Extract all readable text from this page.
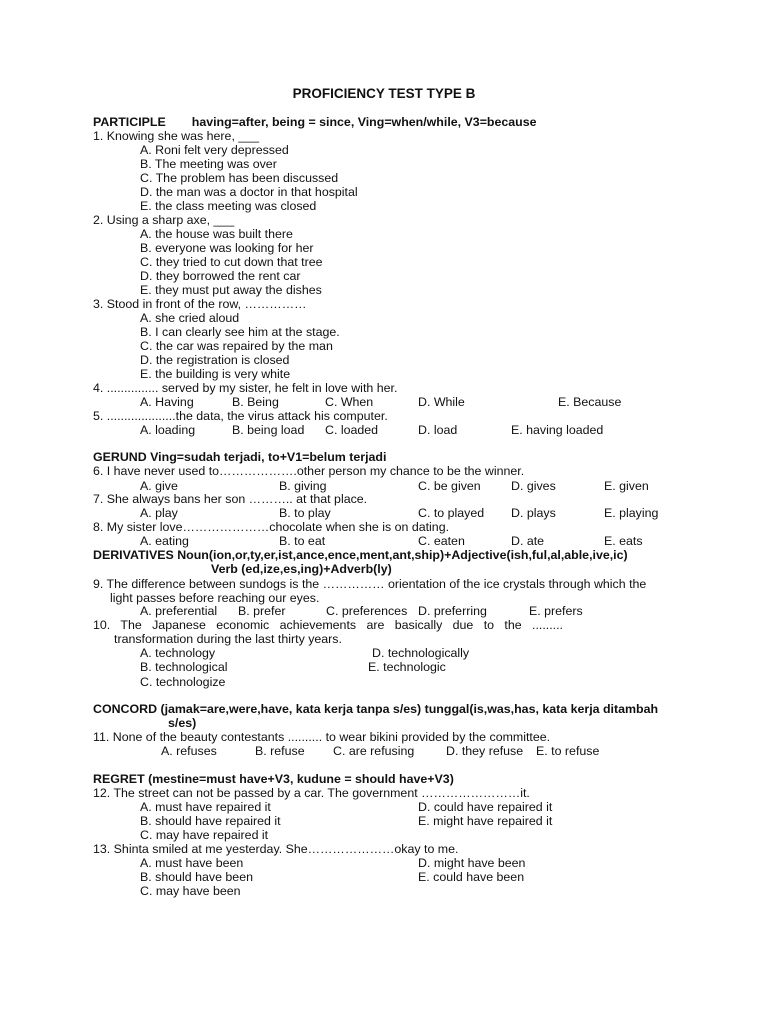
PROFICIENCY TEST TYPE B
PARTICIPLE having=after, being = since, Ving=when/while, V3=because
1. Knowing she was here, ___
A. Roni felt very depressed
B. The meeting was over
C. The problem has been discussed
D. the man was a doctor in that hospital
E. the class meeting was closed
2. Using a sharp axe, ___
A. the house was built there
B. everyone was looking for her
C. they tried to cut down that tree
D. they borrowed the rent car
E. they must put away the dishes
3. Stood in front of the row, ……………
A. she cried aloud
B. I can clearly see him at the stage.
C. the car was repaired by the man
D. the registration is closed
E. the building is very white
4. ............... served by my sister, he felt in love with her.
A. Having	B. Being	C. When	D. While	E. Because
5. ....................the data, the virus attack his computer.
A. loading	B. being load C. loaded	D. load	E. having loaded
GERUND Ving=sudah terjadi, to+V1=belum terjadi
6. I have never used to……………….other person my chance to be the winner.
A. give	B. giving	C. be given D. gives	E. given
7. She always bans her son ……….. at that place.
A. play	B. to play	C. to played D. plays	E. playing
8. My sister love…………………chocolate when she is on dating.
A. eating	B. to eat	C. eaten	D. ate	E. eats
DERIVATIVES Noun(ion,or,ty,er,ist,ance,ence,ment,ant,ship)+Adjective(ish,ful,al,able,ive,ic)
Verb (ed,ize,es,ing)+Adverb(ly)
9. The difference between sundogs is the …………… orientation of the ice crystals through which the
light passes before reaching our eyes.
A. preferential B. prefer	C. preferences D. preferring	E. prefers
10. The Japanese economic achievements are basically due to the .........
transformation during the last thirty years.
A. technology	D. technologically
B. technological	E. technologic
C. technologize
CONCORD (jamak=are,were,have, kata kerja tanpa s/es) tunggal(is,was,has, kata kerja ditambah
s/es)
11. None of the beauty contestants .......... to wear bikini provided by the committee.
A. refuses	B. refuse C. are refusing	D. they refuse E. to refuse
REGRET (mestine=must have+V3, kudune = should have+V3)
12. The street can not be passed by a car. The government ……………………it.
A. must have repaired it	D. could have repaired it
B. should have repaired it	E. might have repaired it
C. may have repaired it
13. Shinta smiled at me yesterday. She…………………okay to me.
A. must have been	D. might have been
B. should have been	E. could have been
C. may have been
